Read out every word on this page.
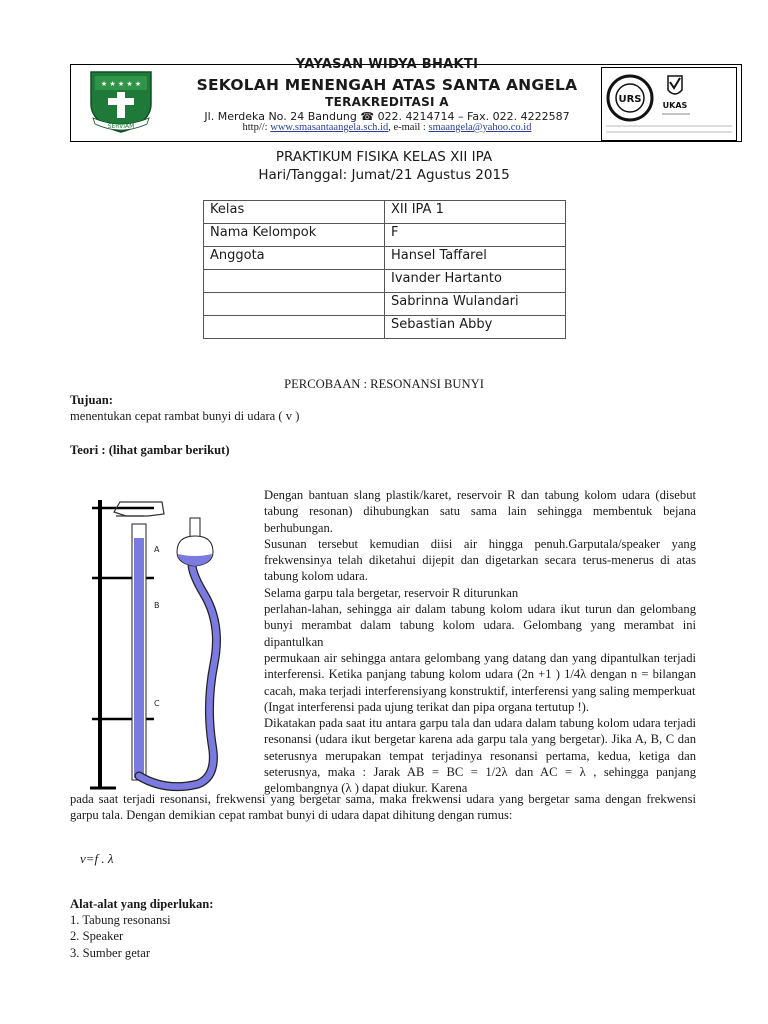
★ ★ ★ ★ ★
SERVIAM
YAYASAN WIDYA BHAKTI
SEKOLAH MENENGAH ATAS SANTA ANGELA
TERAKREDITASI A
Jl. Merdeka No. 24 Bandung ☎ 022. 4214714 – Fax. 022. 4222587
http//: www.smasantaangela.sch.id, e-mail : smaangela@yahoo.co.id
URS
UKAS
PRAKTIKUM FISIKA KELAS XII IPA
Hari/Tanggal: Jumat/21 Agustus 2015
Kelas	XII IPA 1
Nama Kelompok	F
Anggota	Hansel Taffarel
	Ivander Hartanto
	Sabrinna Wulandari
	Sebastian Abby
PERCOBAAN : RESONANSI BUNYI
Tujuan:
menentukan cepat rambat bunyi di udara ( v )
Teori : (lihat gambar berikut)
A
B
C

Dengan bantuan slang plastik/karet, reservoir R dan tabung kolom udara (disebut tabung resonan) dihubungkan satu sama lain sehingga membentuk bejana berhubungan.

Susunan tersebut kemudian diisi air hingga penuh.Garputala/speaker yang frekwensinya telah diketahui dijepit dan digetarkan secara terus-menerus di atas tabung kolom udara.

Selama garpu tala bergetar, reservoir R diturunkan

perlahan-lahan, sehingga air dalam tabung kolom udara ikut turun dan gelombang bunyi merambat dalam tabung kolom udara. Gelombang yang merambat ini dipantulkan

permukaan air sehingga antara gelombang yang datang dan yang dipantulkan terjadi interferensi. Ketika panjang tabung kolom udara (2n +1 ) 1/4λ dengan n = bilangan cacah, maka terjadi interferensiyang konstruktif, interferensi yang saling memperkuat

(Ingat interferensi pada ujung terikat dan pipa organa tertutup !).

Dikatakan pada saat itu antara garpu tala dan udara dalam tabung kolom udara terjadi resonansi (udara ikut bergetar karena ada garpu tala yang bergetar). Jika A, B, C dan seterusnya merupakan tempat terjadinya resonansi pertama, kedua, ketiga dan seterusnya, maka : Jarak AB = BC = 1/2λ dan AC = λ , sehingga panjang gelombangnya (λ ) dapat diukur. Karena

pada saat terjadi resonansi, frekwensi yang bergetar sama, maka frekwensi udara yang bergetar sama dengan frekwensi garpu tala. Dengan demikian cepat rambat bunyi di udara dapat dihitung dengan rumus:
v=f . λ
Alat-alat yang diperlukan:
1. Tabung resonansi
2. Speaker
3. Sumber getar
